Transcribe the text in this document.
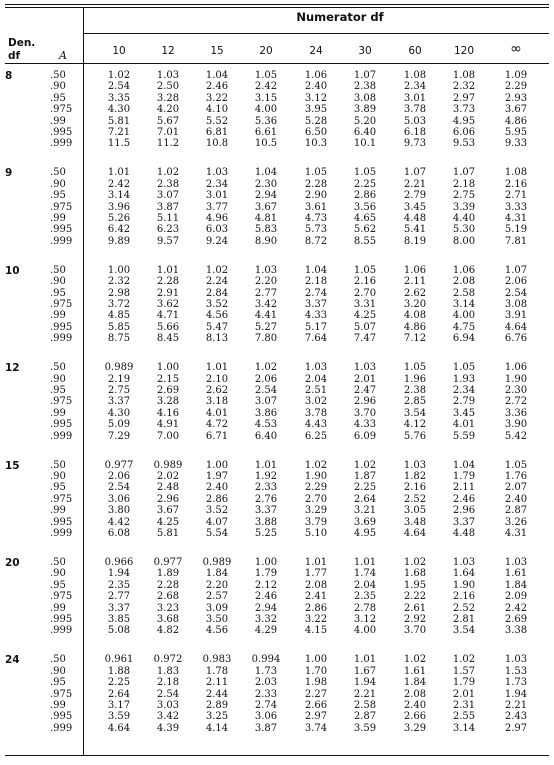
Numerator df
Den.
df	A	10	12	15	20	24	30	60	120	∞
8	.50	1.02	1.03	1.04	1.05	1.06	1.07	1.08	1.08	1.09
.90	2.54	2.50	2.46	2.42	2.40	2.38	2.34	2.32	2.29
.95	3.35	3.28	3.22	3.15	3.12	3.08	3.01	2.97	2.93
.975	4.30	4.20	4.10	4.00	3.95	3.89	3.78	3.73	3.67
.99	5.81	5.67	5.52	5.36	5.28	5.20	5.03	4.95	4.86
.995	7.21	7.01	6.81	6.61	6.50	6.40	6.18	6.06	5.95
.999	11.5	11.2	10.8	10.5	10.3	10.1	9.73	9.53	9.33
9	.50	1.01	1.02	1.03	1.04	1.05	1.05	1.07	1.07	1.08
.90	2.42	2.38	2.34	2.30	2.28	2.25	2.21	2.18	2.16
.95	3.14	3.07	3.01	2.94	2.90	2.86	2.79	2.75	2.71
.975	3.96	3.87	3.77	3.67	3.61	3.56	3.45	3.39	3.33
.99	5.26	5.11	4.96	4.81	4.73	4.65	4.48	4.40	4.31
.995	6.42	6.23	6.03	5.83	5.73	5.62	5.41	5.30	5.19
.999	9.89	9.57	9.24	8.90	8.72	8.55	8.19	8.00	7.81
10	.50	1.00	1.01	1.02	1.03	1.04	1.05	1.06	1.06	1.07
.90	2.32	2.28	2.24	2.20	2.18	2.16	2.11	2.08	2.06
.95	2.98	2.91	2.84	2.77	2.74	2.70	2.62	2.58	2.54
.975	3.72	3.62	3.52	3.42	3.37	3.31	3.20	3.14	3.08
.99	4.85	4.71	4.56	4.41	4.33	4.25	4.08	4.00	3.91
.995	5.85	5.66	5.47	5.27	5.17	5.07	4.86	4.75	4.64
.999	8.75	8.45	8.13	7.80	7.64	7.47	7.12	6.94	6.76
12	.50	0.989	1.00	1.01	1.02	1.03	1.03	1.05	1.05	1.06
.90	2.19	2.15	2.10	2.06	2.04	2.01	1.96	1.93	1.90
.95	2.75	2.69	2.62	2.54	2.51	2.47	2.38	2.34	2.30
.975	3.37	3.28	3.18	3.07	3.02	2.96	2.85	2.79	2.72
.99	4.30	4.16	4.01	3.86	3.78	3.70	3.54	3.45	3.36
.995	5.09	4.91	4.72	4.53	4.43	4.33	4.12	4.01	3.90
.999	7.29	7.00	6.71	6.40	6.25	6.09	5.76	5.59	5.42
15	.50	0.977	0.989	1.00	1.01	1.02	1.02	1.03	1.04	1.05
.90	2.06	2.02	1.97	1.92	1.90	1.87	1.82	1.79	1.76
.95	2.54	2.48	2.40	2.33	2.29	2.25	2.16	2.11	2.07
.975	3.06	2.96	2.86	2.76	2.70	2.64	2.52	2.46	2.40
.99	3.80	3.67	3.52	3.37	3.29	3.21	3.05	2.96	2.87
.995	4.42	4.25	4.07	3.88	3.79	3.69	3.48	3.37	3.26
.999	6.08	5.81	5.54	5.25	5.10	4.95	4.64	4.48	4.31
20	.50	0.966	0.977	0.989	1.00	1.01	1.01	1.02	1.03	1.03
.90	1.94	1.89	1.84	1.79	1.77	1.74	1.68	1.64	1.61
.95	2.35	2.28	2.20	2.12	2.08	2.04	1.95	1.90	1.84
.975	2.77	2.68	2.57	2.46	2.41	2.35	2.22	2.16	2.09
.99	3.37	3.23	3.09	2.94	2.86	2.78	2.61	2.52	2.42
.995	3.85	3.68	3.50	3.32	3.22	3.12	2.92	2.81	2.69
.999	5.08	4.82	4.56	4.29	4.15	4.00	3.70	3.54	3.38
24	.50	0.961	0.972	0.983	0.994	1.00	1.01	1.02	1.02	1.03
.90	1.88	1.83	1.78	1.73	1.70	1.67	1.61	1.57	1.53
.95	2.25	2.18	2.11	2.03	1.98	1.94	1.84	1.79	1.73
.975	2.64	2.54	2.44	2.33	2.27	2.21	2.08	2.01	1.94
.99	3.17	3.03	2.89	2.74	2.66	2.58	2.40	2.31	2.21
.995	3.59	3.42	3.25	3.06	2.97	2.87	2.66	2.55	2.43
.999	4.64	4.39	4.14	3.87	3.74	3.59	3.29	3.14	2.97
